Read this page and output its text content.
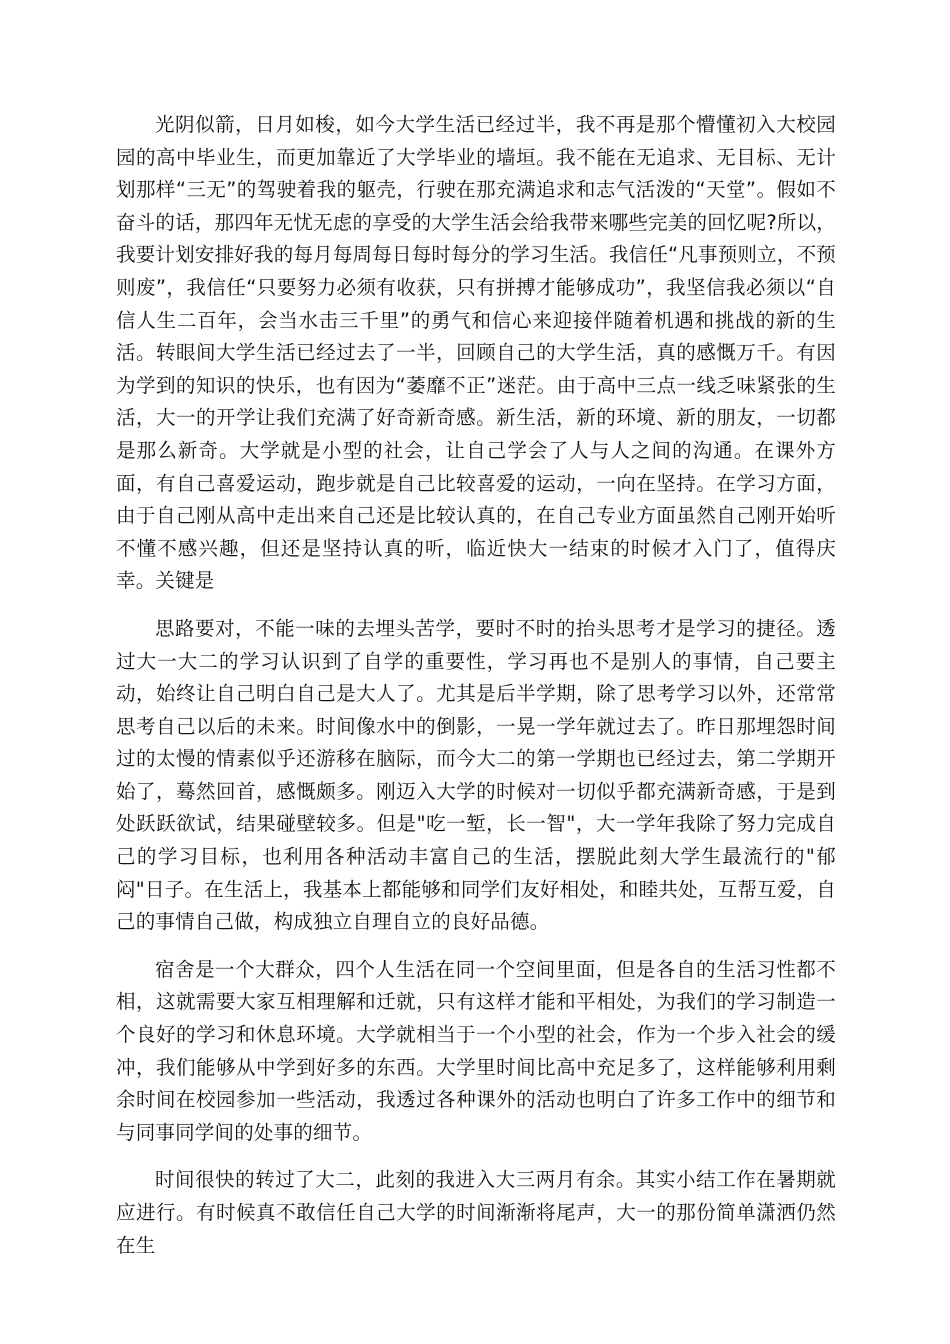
光阴似箭，日月如梭，如今大学生活已经过半，我不再是那个懵懂初入大校园园的高中毕业生，而更加靠近了大学毕业的墙垣。我不能在无追求、无目标、无计划那样“三无”的驾驶着我的躯壳，行驶在那充满追求和志气活泼的“天堂”。假如不奋斗的话，那四年无忧无虑的享受的大学生活会给我带来哪些完美的回忆呢?所以，我要计划安排好我的每月每周每日每时每分的学习生活。我信任“凡事预则立，不预则废”，我信任“只要努力必须有收获，只有拼搏才能够成功”，我坚信我必须以“自信人生二百年，会当水击三千里”的勇气和信心来迎接伴随着机遇和挑战的新的生活。转眼间大学生活已经过去了一半，回顾自己的大学生活，真的感慨万千。有因为学到的知识的快乐，也有因为“萎靡不正”迷茫。由于高中三点一线乏味紧张的生活，大一的开学让我们充满了好奇新奇感。新生活，新的环境、新的朋友，一切都是那么新奇。大学就是小型的社会，让自己学会了人与人之间的沟通。在课外方面，有自己喜爱运动，跑步就是自己比较喜爱的运动，一向在坚持。在学习方面，由于自己刚从高中走出来自己还是比较认真的，在自己专业方面虽然自己刚开始听不懂不感兴趣，但还是坚持认真的听，临近快大一结束的时候才入门了，值得庆幸。关键是

思路要对，不能一味的去埋头苦学，要时不时的抬头思考才是学习的捷径。透过大一大二的学习认识到了自学的重要性，学习再也不是别人的事情，自己要主动，始终让自己明白自己是大人了。尤其是后半学期，除了思考学习以外，还常常思考自己以后的未来。时间像水中的倒影，一晃一学年就过去了。昨日那埋怨时间过的太慢的情素似乎还游移在脑际，而今大二的第一学期也已经过去，第二学期开始了，蓦然回首，感慨颇多。刚迈入大学的时候对一切似乎都充满新奇感，于是到处跃跃欲试，结果碰壁较多。但是"吃一堑，长一智"，大一学年我除了努力完成自己的学习目标，也利用各种活动丰富自己的生活，摆脱此刻大学生最流行的"郁闷"日子。在生活上，我基本上都能够和同学们友好相处，和睦共处，互帮互爱，自己的事情自己做，构成独立自理自立的良好品德。

宿舍是一个大群众，四个人生活在同一个空间里面，但是各自的生活习性都不相，这就需要大家互相理解和迁就，只有这样才能和平相处，为我们的学习制造一个良好的学习和休息环境。大学就相当于一个小型的社会，作为一个步入社会的缓冲，我们能够从中学到好多的东西。大学里时间比高中充足多了，这样能够利用剩余时间在校园参加一些活动，我透过各种课外的活动也明白了许多工作中的细节和与同事同学间的处事的细节。

时间很快的转过了大二，此刻的我进入大三两月有余。其实小结工作在暑期就应进行。有时候真不敢信任自己大学的时间渐渐将尾声，大一的那份简单潇洒仍然在生
